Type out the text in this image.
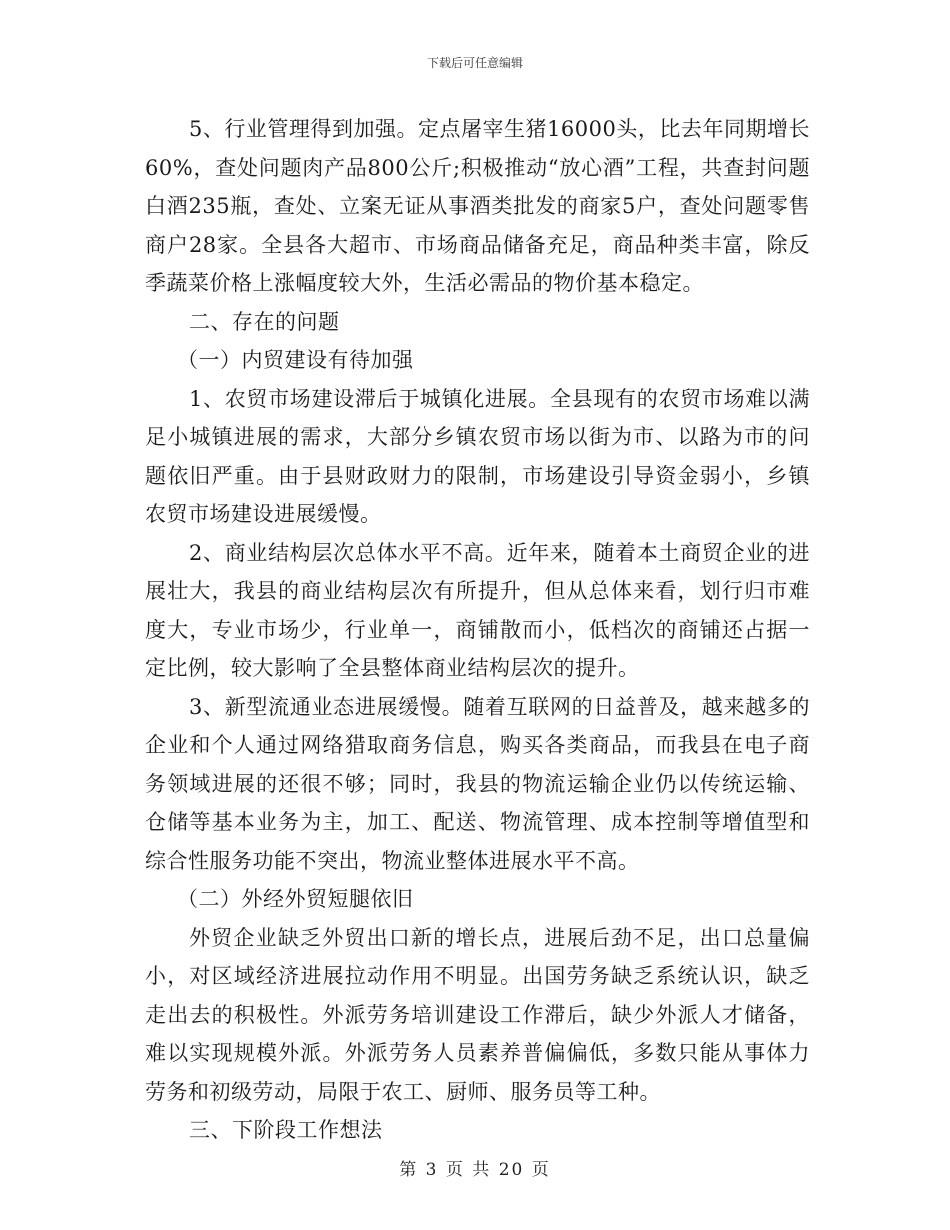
下载后可任意编辑

5、行业管理得到加强。定点屠宰生猪16000头，比去年同期增长60%，查处问题肉产品800公斤;积极推动“放心酒”工程，共查封问题白酒235瓶，查处、立案无证从事酒类批发的商家5户，查处问题零售商户28家。全县各大超市、市场商品储备充足，商品种类丰富，除反季蔬菜价格上涨幅度较大外，生活必需品的物价基本稳定。

二、存在的问题

（一）内贸建设有待加强

1、农贸市场建设滞后于城镇化进展。全县现有的农贸市场难以满足小城镇进展的需求，大部分乡镇农贸市场以街为市、以路为市的问题依旧严重。由于县财政财力的限制，市场建设引导资金弱小，乡镇农贸市场建设进展缓慢。

2、商业结构层次总体水平不高。近年来，随着本土商贸企业的进展壮大，我县的商业结构层次有所提升，但从总体来看，划行归市难度大，专业市场少，行业单一，商铺散而小，低档次的商铺还占据一定比例，较大影响了全县整体商业结构层次的提升。

3、新型流通业态进展缓慢。随着互联网的日益普及，越来越多的企业和个人通过网络猎取商务信息，购买各类商品，而我县在电子商务领域进展的还很不够；同时，我县的物流运输企业仍以传统运输、仓储等基本业务为主，加工、配送、物流管理、成本控制等增值型和综合性服务功能不突出，物流业整体进展水平不高。

（二）外经外贸短腿依旧

外贸企业缺乏外贸出口新的增长点，进展后劲不足，出口总量偏小，对区域经济进展拉动作用不明显。出国劳务缺乏系统认识，缺乏走出去的积极性。外派劳务培训建设工作滞后，缺少外派人才储备，难以实现规模外派。外派劳务人员素养普偏偏低，多数只能从事体力劳务和初级劳动，局限于农工、厨师、服务员等工种。

三、下阶段工作想法

第 3 页 共 20 页
